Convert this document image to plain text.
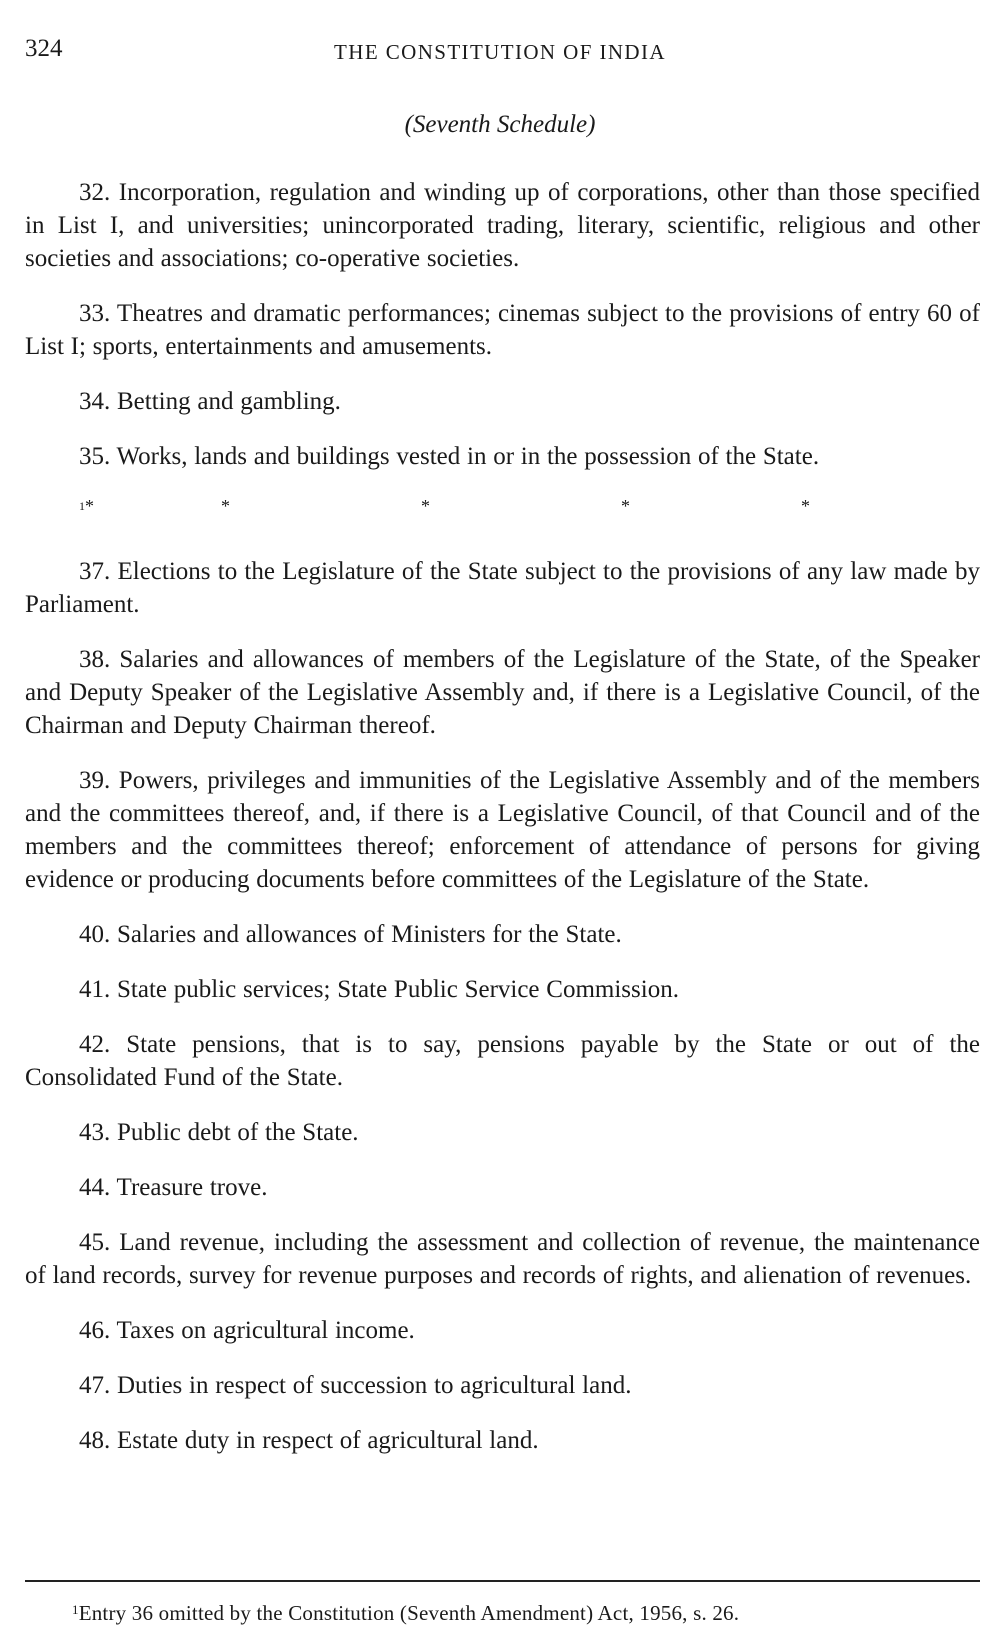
324	THE CONSTITUTION OF INDIA
(Seventh Schedule)

32. Incorporation, regulation and winding up of corporations, other than those specified in List I, and universities; unincorporated trading, literary, scientific, religious and other societies and associations; co-operative societies.

33. Theatres and dramatic performances; cinemas subject to the provisions of entry 60 of List I; sports, entertainments and amusements.

34. Betting and gambling.

35. Works, lands and buildings vested in or in the possession of the State.

$^1$*	*	*	*	*

37. Elections to the Legislature of the State subject to the provisions of any law made by Parliament.

38. Salaries and allowances of members of the Legislature of the State, of the Speaker and Deputy Speaker of the Legislative Assembly and, if there is a Legislative Council, of the Chairman and Deputy Chairman thereof.

39. Powers, privileges and immunities of the Legislative Assembly and of the members and the committees thereof, and, if there is a Legislative Council, of that Council and of the members and the committees thereof; enforcement of attendance of persons for giving evidence or producing documents before committees of the Legislature of the State.

40. Salaries and allowances of Ministers for the State.

41. State public services; State Public Service Commission.

42. State pensions, that is to say, pensions payable by the State or out of the Consolidated Fund of the State.

43. Public debt of the State.

44. Treasure trove.

45. Land revenue, including the assessment and collection of revenue, the maintenance of land records, survey for revenue purposes and records of rights, and alienation of revenues.

46. Taxes on agricultural income.

47. Duties in respect of succession to agricultural land.

48. Estate duty in respect of agricultural land.

$^1$Entry 36 omitted by the Constitution (Seventh Amendment) Act, 1956, s. 26.
